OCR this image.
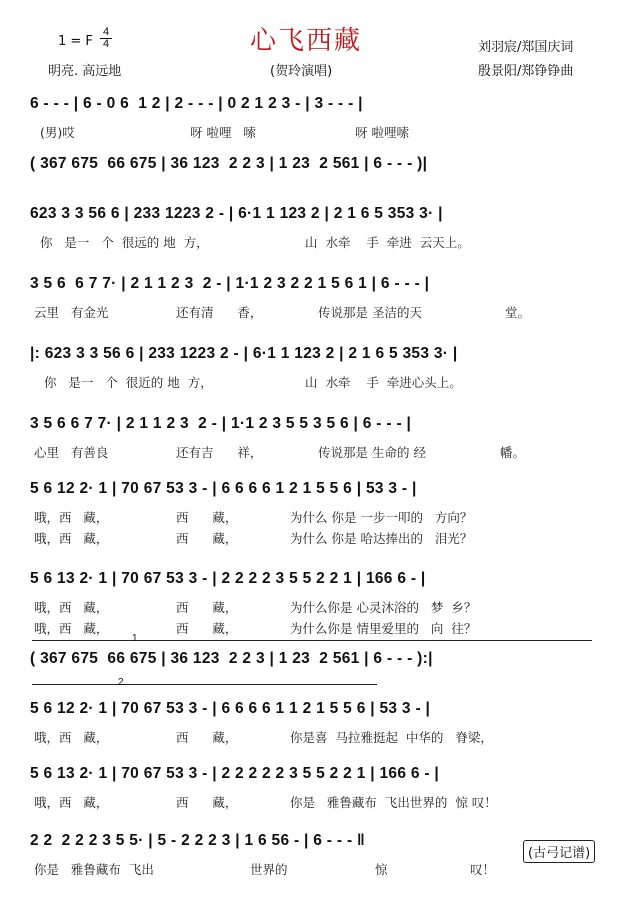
1 = F
4
4
明亮. 高远地
心飞西藏
(贺玲演唱)
刘羽宸/郑国庆词
殷景阳/郑铮铮曲
6 - - - | 6 - 0 6  1 2 | 2 - - - | 0 2 1 2 3 - | 3 - - - |
(男)哎	呀 啦哩   嗦	呀 啦哩嗦
( 367 675  66 675 | 36 123  2 2 3 | 1 23  2 561 | 6 - - - )|
623 3 3 56 6 | 233 1223 2 - | 6·1 1 123 2 | 2 1 6 5 353 3· |
你   是一   个  很远的 地  方，	山  水牵    手  牵进  云天上。
3 5 6  6 7 7· | 2 1 1 2 3  2 - | 1·1 2 3 2 2 1 5 6 1 | 6 - - - |
云里   有金光	还有清      香，	传说那是 圣洁的天	堂。
|: 623 3 3 56 6 | 233 1223 2 - | 6·1 1 123 2 | 2 1 6 5 353 3· |
你   是一   个  很近的 地  方，	山  水牵    手  牵进心头上。
3 5 6 6 7 7· | 2 1 1 2 3  2 - | 1·1 2 3 5 5 3 5 6 | 6 - - - |
心里   有善良	还有吉      祥，	传说那是 生命的 经	幡。
5 6 12 2· 1 | 70 67 53 3 - | 6 6 6 6 1 2 1 5 5 6 | 53 3 - |
哦，西   藏，	西      藏，	为什么 你是 一步一叩的   方向？
哦，西   藏，	西      藏，	为什么 你是 哈达捧出的   泪光？
5 6 13 2· 1 | 70 67 53 3 - | 2 2 2 2 3 5 5 2 2 1 | 166 6 - |
哦，西   藏，	西      藏，	为什么你是 心灵沐浴的   梦  乡？
哦，西   藏，	西      藏，	为什么你是 情里爱里的   向  往？
( 367 675  66 675 | 36 123  2 2 3 | 1 23  2 561 | 6 - - - ):|
5 6 12 2· 1 | 70 67 53 3 - | 6 6 6 6 1 1 2 1 5 5 6 | 53 3 - |
哦，西   藏，	西      藏，	你是喜  马拉雅挺起  中华的   脊梁，
5 6 13 2· 1 | 70 67 53 3 - | 2 2 2 2 2 3 5 5 2 2 1 | 166 6 - |
哦，西   藏，	西      藏，	你是   雅鲁藏布  飞出世界的  惊 叹！
2 2  2 2 2 3 5 5· | 5 - 2 2 2 3 | 1 6 56 - | 6 - - - ‖
你是   雅鲁藏布  飞出	世界的	惊	叹！
1
2
(古弓记谱)
